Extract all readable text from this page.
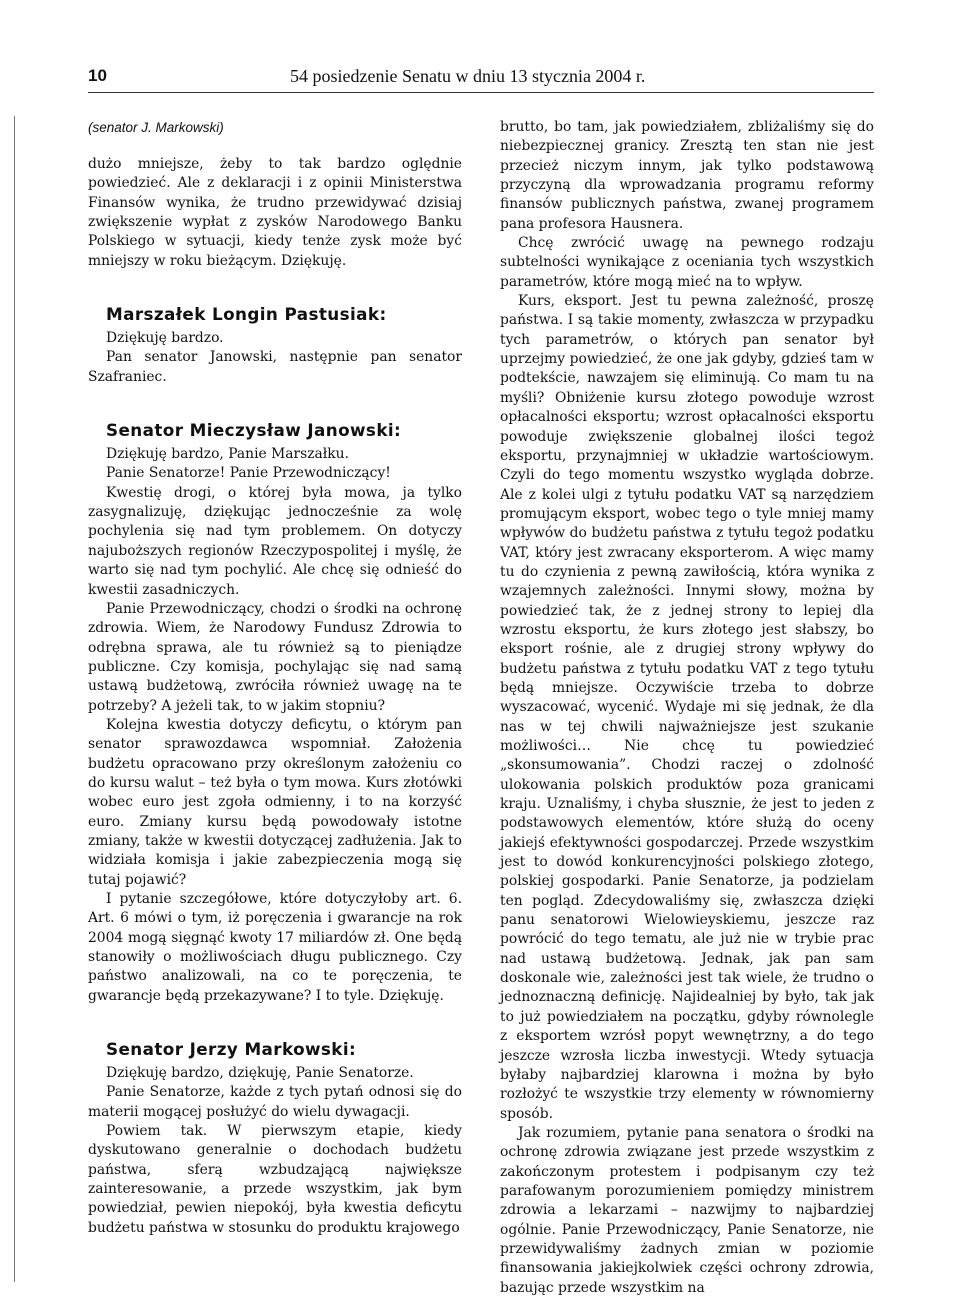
10	54 posiedzenie Senatu w dniu 13 stycznia 2004 r.
(senator J. Markowski)

dużo mniejsze, żeby to tak bardzo oględnie powiedzieć. Ale z deklaracji i z opinii Ministerstwa Finansów wynika, że trudno przewidywać dzisiaj zwiększenie wypłat z zysków Narodowego Banku Polskiego w sytuacji, kiedy tenże zysk może być mniejszy w roku bieżącym. Dziękuję.

Marszałek Longin Pastusiak:

Dziękuję bardzo.

Pan senator Janowski, następnie pan senator Szafraniec.

Senator Mieczysław Janowski:

Dziękuję bardzo, Panie Marszałku.

Panie Senatorze! Panie Przewodniczący!

Kwestię drogi, o której była mowa, ja tylko zasygnalizuję, dziękując jednocześnie za wolę pochylenia się nad tym problemem. On dotyczy najuboższych regionów Rzeczypospolitej i myślę, że warto się nad tym pochylić. Ale chcę się odnieść do kwestii zasadniczych.

Panie Przewodniczący, chodzi o środki na ochronę zdrowia. Wiem, że Narodowy Fundusz Zdrowia to odrębna sprawa, ale tu również są to pieniądze publiczne. Czy komisja, pochylając się nad samą ustawą budżetową, zwróciła również uwagę na te potrzeby? A jeżeli tak, to w jakim stopniu?

Kolejna kwestia dotyczy deficytu, o którym pan senator sprawozdawca wspomniał. Założenia budżetu opracowano przy określonym założeniu co do kursu walut – też była o tym mowa. Kurs złotówki wobec euro jest zgoła odmienny, i to na korzyść euro. Zmiany kursu będą powodowały istotne zmiany, także w kwestii dotyczącej zadłużenia. Jak to widziała komisja i jakie zabezpieczenia mogą się tutaj pojawić?

I pytanie szczegółowe, które dotyczyłoby art. 6. Art. 6 mówi o tym, iż poręczenia i gwarancje na rok 2004 mogą sięgnąć kwoty 17 miliardów zł. One będą stanowiły o możliwościach długu publicznego. Czy państwo analizowali, na co te poręczenia, te gwarancje będą przekazywane? I to tyle. Dziękuję.

Senator Jerzy Markowski:

Dziękuję bardzo, dziękuję, Panie Senatorze.

Panie Senatorze, każde z tych pytań odnosi się do materii mogącej posłużyć do wielu dywagacji.

Powiem tak. W pierwszym etapie, kiedy dyskutowano generalnie o dochodach budżetu państwa, sferą wzbudzającą największe zainteresowanie, a przede wszystkim, jak bym powiedział, pewien niepokój, była kwestia deficytu budżetu państwa w stosunku do produktu krajowego

brutto, bo tam, jak powiedziałem, zbliżaliśmy się do niebezpiecznej granicy. Zresztą ten stan nie jest przecież niczym innym, jak tylko podstawową przyczyną dla wprowadzania programu reformy finansów publicznych państwa, zwanej programem pana profesora Hausnera.

Chcę zwrócić uwagę na pewnego rodzaju subtelności wynikające z oceniania tych wszystkich parametrów, które mogą mieć na to wpływ.

Kurs, eksport. Jest tu pewna zależność, proszę państwa. I są takie momenty, zwłaszcza w przypadku tych parametrów, o których pan senator był uprzejmy powiedzieć, że one jak gdyby, gdzieś tam w podtekście, nawzajem się eliminują. Co mam tu na myśli? Obniżenie kursu złotego powoduje wzrost opłacalności eksportu; wzrost opłacalności eksportu powoduje zwiększenie globalnej ilości tegoż eksportu, przynajmniej w układzie wartościowym. Czyli do tego momentu wszystko wygląda dobrze. Ale z kolei ulgi z tytułu podatku VAT są narzędziem promującym eksport, wobec tego o tyle mniej mamy wpływów do budżetu państwa z tytułu tegoż podatku VAT, który jest zwracany eksporterom. A więc mamy tu do czynienia z pewną zawiłością, która wynika z wzajemnych zależności. Innymi słowy, można by powiedzieć tak, że z jednej strony to lepiej dla wzrostu eksportu, że kurs złotego jest słabszy, bo eksport rośnie, ale z drugiej strony wpływy do budżetu państwa z tytułu podatku VAT z tego tytułu będą mniejsze. Oczywiście trzeba to dobrze wyszacować, wycenić. Wydaje mi się jednak, że dla nas w tej chwili najważniejsze jest szukanie możliwości… Nie chcę tu powiedzieć „skonsumowania”. Chodzi raczej o zdolność ulokowania polskich produktów poza granicami kraju. Uznaliśmy, i chyba słusznie, że jest to jeden z podstawowych elementów, które służą do oceny jakiejś efektywności gospodarczej. Przede wszystkim jest to dowód konkurencyjności polskiego złotego, polskiej gospodarki. Panie Senatorze, ja podzielam ten pogląd. Zdecydowaliśmy się, zwłaszcza dzięki panu senatorowi Wielowieyskiemu, jeszcze raz powrócić do tego tematu, ale już nie w trybie prac nad ustawą budżetową. Jednak, jak pan sam doskonale wie, zależności jest tak wiele, że trudno o jednoznaczną definicję. Najidealniej by było, tak jak to już powiedziałem na początku, gdyby równolegle z eksportem wzrósł popyt wewnętrzny, a do tego jeszcze wzrosła liczba inwestycji. Wtedy sytuacja byłaby najbardziej klarowna i można by było rozłożyć te wszystkie trzy elementy w równomierny sposób.

Jak rozumiem, pytanie pana senatora o środki na ochronę zdrowia związane jest przede wszystkim z zakończonym protestem i podpisanym czy też parafowanym porozumieniem pomiędzy ministrem zdrowia a lekarzami – nazwijmy to najbardziej ogólnie. Panie Przewodniczący, Panie Senatorze, nie przewidywaliśmy żadnych zmian w poziomie finansowania jakiejkolwiek części ochrony zdrowia, bazując przede wszystkim na
